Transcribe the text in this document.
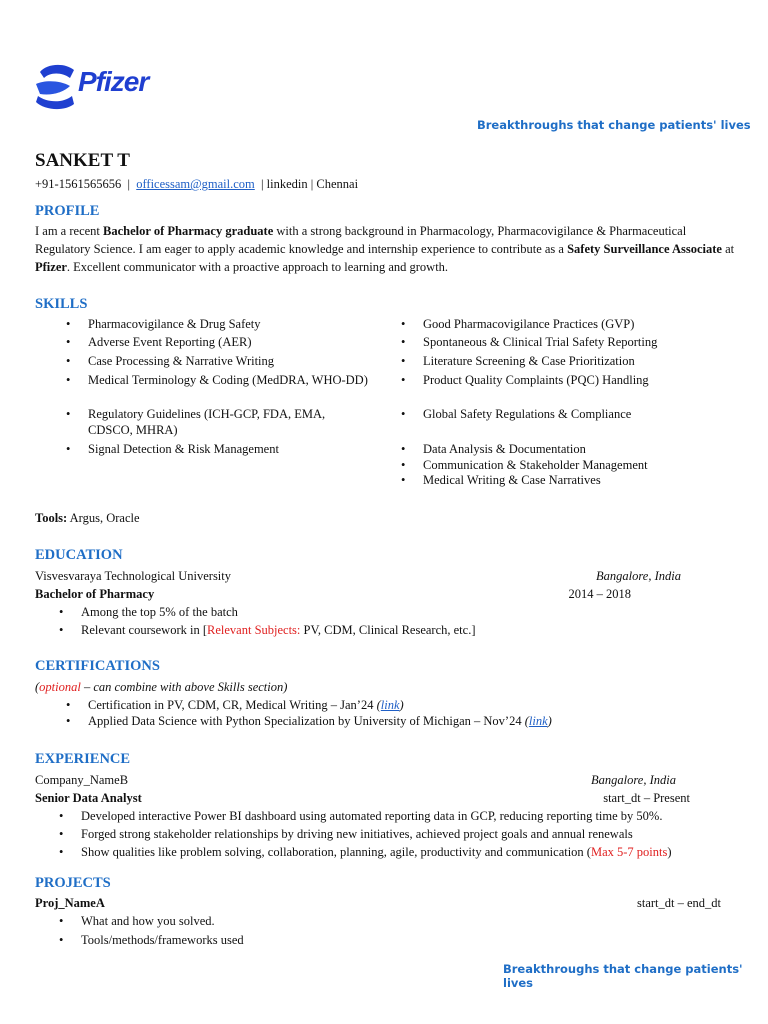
Pfizer
Breakthroughs that change patients' lives
SANKET T
+91-1561565656  |  officessam@gmail.com  | linkedin | Chennai
PROFILE
I am a recent Bachelor of Pharmacy graduate with a strong background in Pharmacology, Pharmacovigilance & Pharmaceutical Regulatory Science. I am eager to apply academic knowledge and internship experience to contribute as a Safety Surveillance Associate at Pfizer. Excellent communicator with a proactive approach to learning and growth.
SKILLS
• Pharmacovigilance & Drug Safety
• Adverse Event Reporting (AER)
• Case Processing & Narrative Writing
• Medical Terminology & Coding (MedDRA, WHO-DD)
• Regulatory Guidelines (ICH-GCP, FDA, EMA, CDSCO, MHRA)
• Signal Detection & Risk Management
• Good Pharmacovigilance Practices (GVP)
• Spontaneous & Clinical Trial Safety Reporting
• Literature Screening & Case Prioritization
• Product Quality Complaints (PQC) Handling
• Global Safety Regulations & Compliance
• Data Analysis & Documentation
• Communication & Stakeholder Management
• Medical Writing & Case Narratives
Tools: Argus, Oracle
EDUCATION
Visvesvaraya Technological University	Bangalore, India
Bachelor of Pharmacy	2014 – 2018
• Among the top 5% of the batch
• Relevant coursework in [Relevant Subjects: PV, CDM, Clinical Research, etc.]
CERTIFICATIONS
(optional – can combine with above Skills section)
• Certification in PV, CDM, CR, Medical Writing – Jan’24 (link)
• Applied Data Science with Python Specialization by University of Michigan – Nov’24 (link)
EXPERIENCE
Company_NameB	Bangalore, India
Senior Data Analyst	start_dt – Present
• Developed interactive Power BI dashboard using automated reporting data in GCP, reducing reporting time by 50%.
• Forged strong stakeholder relationships by driving new initiatives, achieved project goals and annual renewals
• Show qualities like problem solving, collaboration, planning, agile, productivity and communication (Max 5-7 points)
PROJECTS
Proj_NameA	start_dt – end_dt
• What and how you solved.
• Tools/methods/frameworks used
Breakthroughs that change patients' lives
